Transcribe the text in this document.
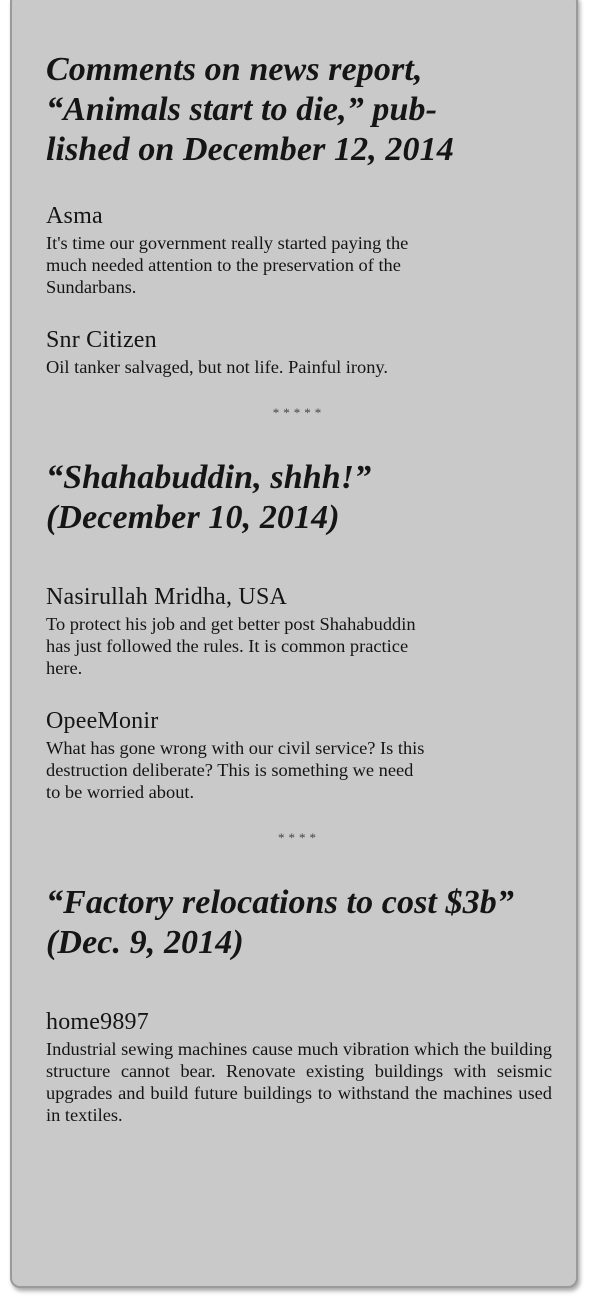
Comments on news report,
“Animals start to die,” pub-
lished on December 12, 2014
Asma

It's time our government really started paying the
much needed attention to the preservation of the
Sundarbans.

Snr Citizen

Oil tanker salvaged, but not life. Painful irony.

*****
“Shahabuddin, shhh!”
(December 10, 2014)
Nasirullah Mridha, USA

To protect his job and get better post Shahabuddin
has just followed the rules. It is common practice
here.

OpeeMonir

What has gone wrong with our civil service? Is this
destruction deliberate? This is something we need
to be worried about.

****
“Factory relocations to cost $3b”
(Dec. 9, 2014)
home9897

Industrial sewing machines cause much vibration which the building structure cannot bear. Renovate existing buildings with seismic upgrades and build future buildings to withstand the machines used in textiles.
